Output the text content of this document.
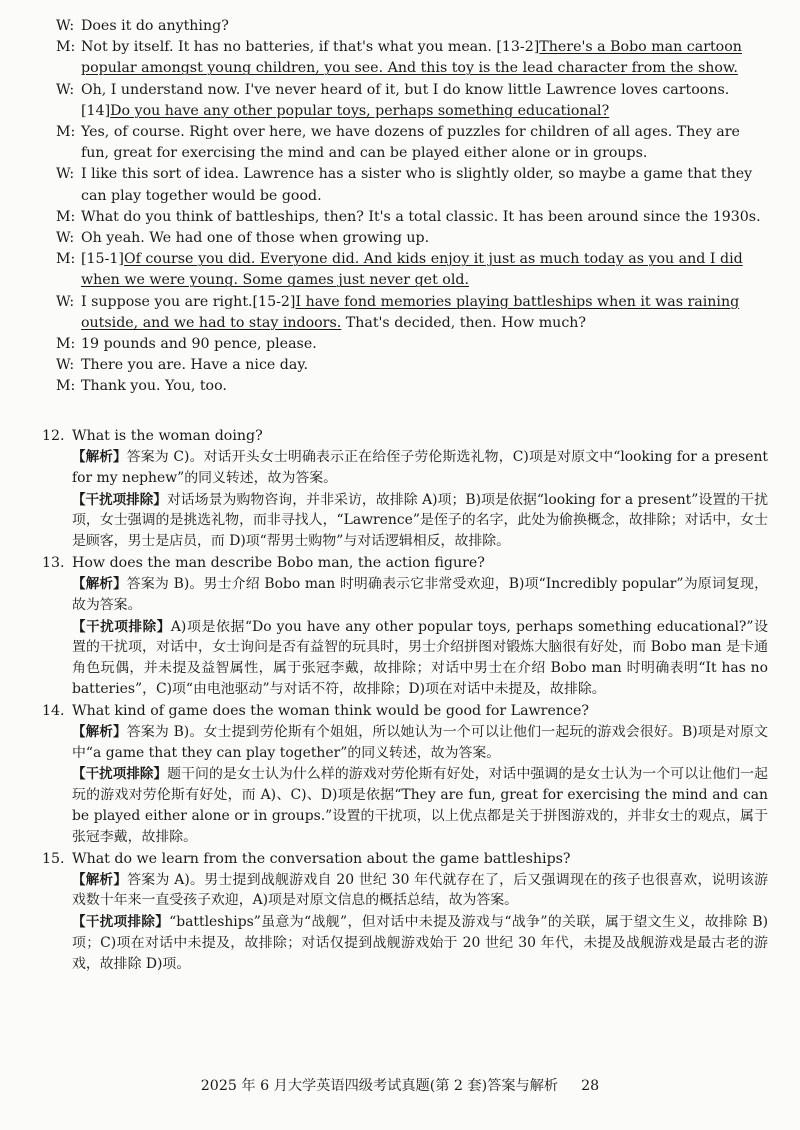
W: Does it do anything?
M: Not by itself. It has no batteries, if that's what you mean. [13-2]There's a Bobo man cartoon popular amongst young children, you see. And this toy is the lead character from the show.
W: Oh, I understand now. I've never heard of it, but I do know little Lawrence loves cartoons. [14]Do you have any other popular toys, perhaps something educational?
M: Yes, of course. Right over here, we have dozens of puzzles for children of all ages. They are fun, great for exercising the mind and can be played either alone or in groups.
W: I like this sort of idea. Lawrence has a sister who is slightly older, so maybe a game that they can play together would be good.
M: What do you think of battleships, then? It's a total classic. It has been around since the 1930s.
W: Oh yeah. We had one of those when growing up.
M: [15-1]Of course you did. Everyone did. And kids enjoy it just as much today as you and I did when we were young. Some games just never get old.
W: I suppose you are right.[15-2]I have fond memories playing battleships when it was raining outside, and we had to stay indoors. That's decided, then. How much?
M: 19 pounds and 90 pence, please.
W: There you are. Have a nice day.
M: Thank you. You, too.
12. What is the woman doing?
【解析】答案为 C)。对话开头女士明确表示正在给侄子劳伦斯选礼物，C)项是对原文中“looking for a present for my nephew”的同义转述，故为答案。
【干扰项排除】对话场景为购物咨询，并非采访，故排除 A)项；B)项是依据“looking for a present”设置的干扰项，女士强调的是挑选礼物，而非寻找人，“Lawrence”是侄子的名字，此处为偷换概念，故排除；对话中，女士是顾客，男士是店员，而 D)项“帮男士购物”与对话逻辑相反，故排除。
13. How does the man describe Bobo man, the action figure?
【解析】答案为 B)。男士介绍 Bobo man 时明确表示它非常受欢迎，B)项“Incredibly popular”为原词复现，故为答案。
【干扰项排除】A)项是依据“Do you have any other popular toys, perhaps something educational?”设置的干扰项，对话中，女士询问是否有益智的玩具时，男士介绍拼图对锻炼大脑很有好处，而 Bobo man 是卡通角色玩偶，并未提及益智属性，属于张冠李戴，故排除；对话中男士在介绍 Bobo man 时明确表明“It has no batteries”，C)项“由电池驱动”与对话不符，故排除；D)项在对话中未提及，故排除。
14. What kind of game does the woman think would be good for Lawrence?
【解析】答案为 B)。女士提到劳伦斯有个姐姐，所以她认为一个可以让他们一起玩的游戏会很好。B)项是对原文中“a game that they can play together”的同义转述，故为答案。
【干扰项排除】题干问的是女士认为什么样的游戏对劳伦斯有好处，对话中强调的是女士认为一个可以让他们一起玩的游戏对劳伦斯有好处，而 A)、C)、D)项是依据“They are fun, great for exercising the mind and can be played either alone or in groups.”设置的干扰项，以上优点都是关于拼图游戏的，并非女士的观点，属于张冠李戴，故排除。
15. What do we learn from the conversation about the game battleships?
【解析】答案为 A)。男士提到战舰游戏自 20 世纪 30 年代就存在了，后又强调现在的孩子也很喜欢，说明该游戏数十年来一直受孩子欢迎，A)项是对原文信息的概括总结，故为答案。
【干扰项排除】“battleships”虽意为“战舰”，但对话中未提及游戏与“战争”的关联，属于望文生义，故排除 B)项；C)项在对话中未提及，故排除；对话仅提到战舰游戏始于 20 世纪 30 年代，未提及战舰游戏是最古老的游戏，故排除 D)项。
2025 年 6 月大学英语四级考试真题(第 2 套)答案与解析 28
